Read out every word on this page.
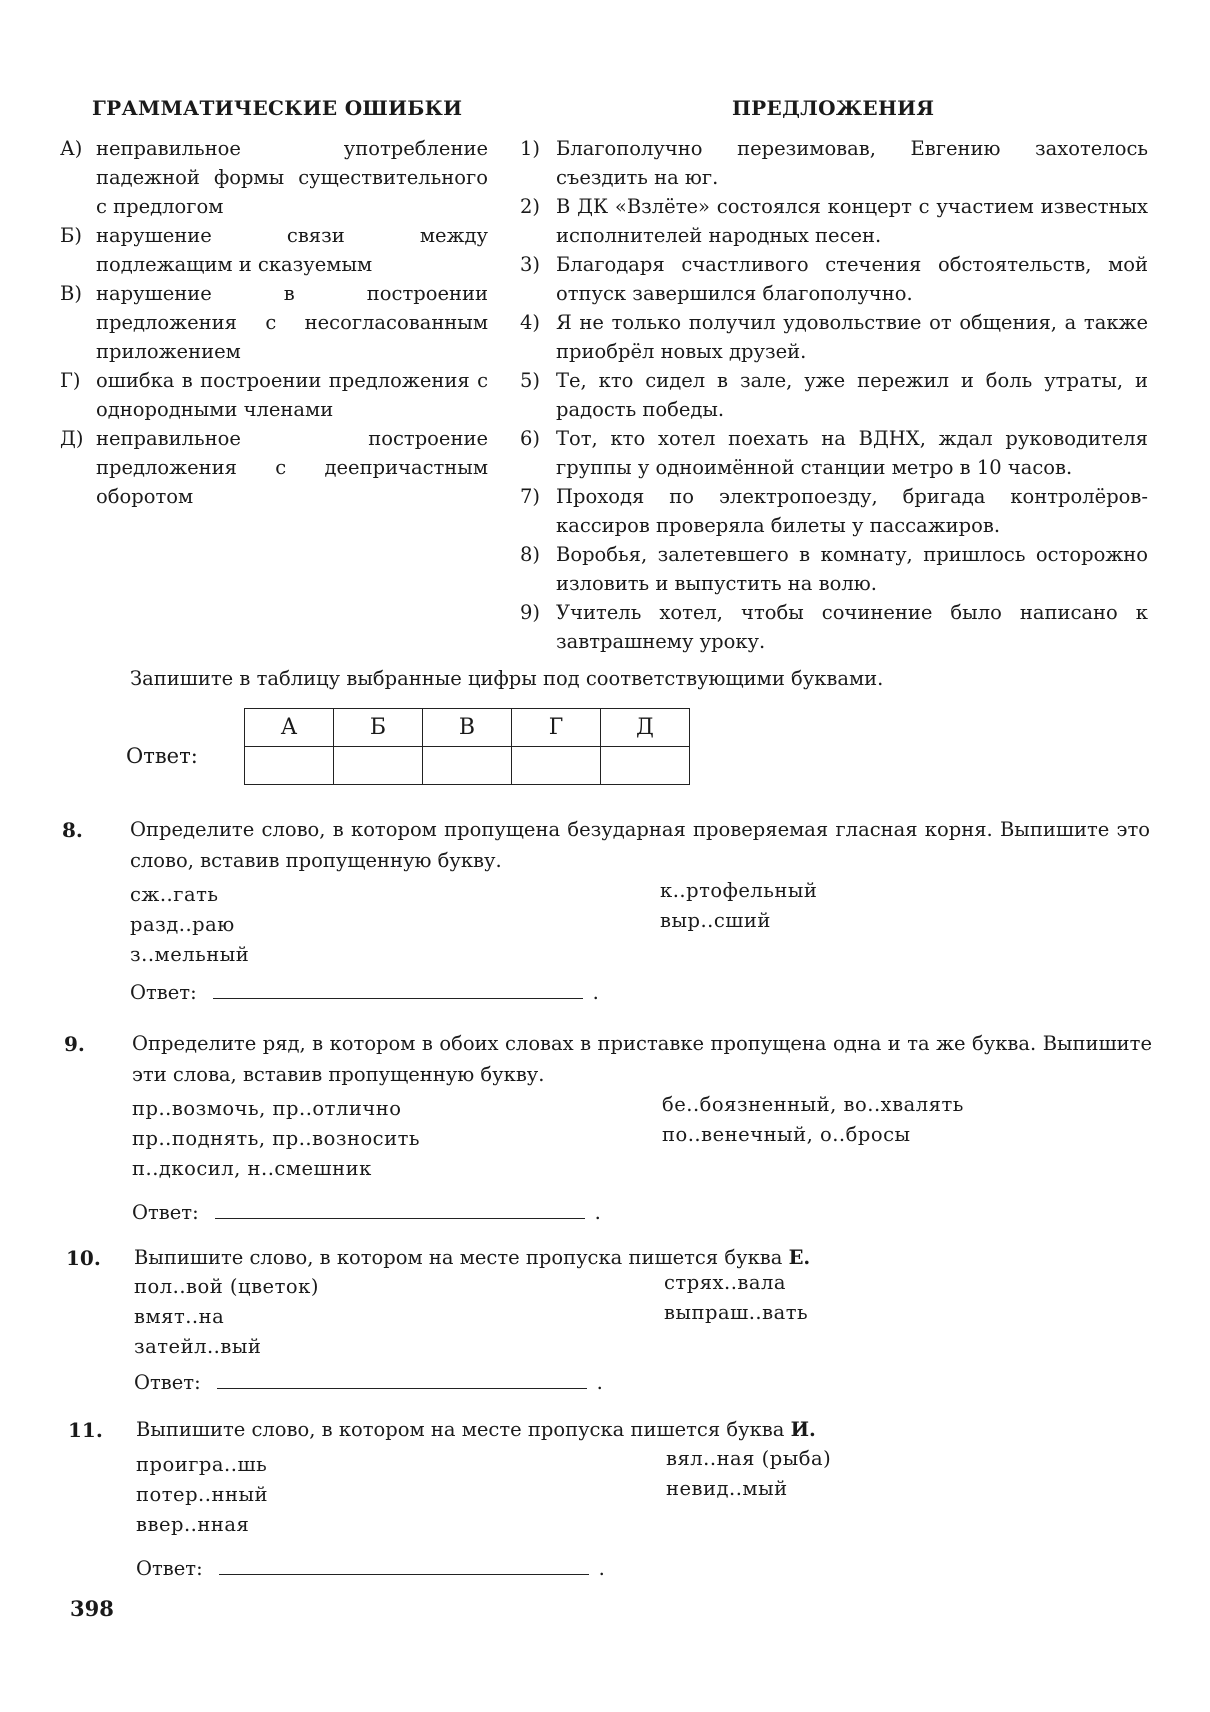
ГРАММАТИЧЕСКИЕ ОШИБКИ	ПРЕДЛОЖЕНИЯ
А) неправильное употребление падежной формы существительного с предлогом
Б) нарушение связи между подлежащим и сказуемым
В) нарушение в построении предложения с несогласованным приложением
Г) ошибка в построении предложения с однородными членами
Д) неправильное построение предложения с деепричастным оборотом
1) Благополучно перезимовав, Евгению захотелось съездить на юг.
2) В ДК «Взлёте» состоялся концерт с участием известных исполнителей народных песен.
3) Благодаря счастливого стечения обстоятельств, мой отпуск завершился благополучно.
4) Я не только получил удовольствие от общения, а также приобрёл новых друзей.
5) Те, кто сидел в зале, уже пережил и боль утраты, и радость победы.
6) Тот, кто хотел поехать на ВДНХ, ждал руководителя группы у одноимённой станции метро в 10 часов.
7) Проходя по электропоезду, бригада контролёров-кассиров проверяла билеты у пассажиров.
8) Воробья, залетевшего в комнату, пришлось осторожно изловить и выпустить на волю.
9) Учитель хотел, чтобы сочинение было написано к завтрашнему уроку.
Запишите в таблицу выбранные цифры под соответствующими буквами.
Ответ:
А	Б	В	Г	Д

8. Определите слово, в котором пропущена безударная проверяемая гласная корня. Выпишите это слово, вставив пропущенную букву.
сж..гать
разд..раю
з..мельный
к..ртофельный
выр..сший
Ответ:	.
9. Определите ряд, в котором в обоих словах в приставке пропущена одна и та же буква. Выпишите эти слова, вставив пропущенную букву.
пр..возмочь, пр..отлично
пр..поднять, пр..возносить
п..дкосил, н..смешник
бе..боязненный, во..хвалять
по..венечный, о..бросы
Ответ:	.
10. Выпишите слово, в котором на месте пропуска пишется буква Е.
пол..вой (цветок)
вмят..на
затейл..вый
стрях..вала
выпраш..вать
Ответ:	.
11. Выпишите слово, в котором на месте пропуска пишется буква И.
проигра..шь
потер..нный
ввер..нная
вял..ная (рыба)
невид..мый
Ответ:	.
398
